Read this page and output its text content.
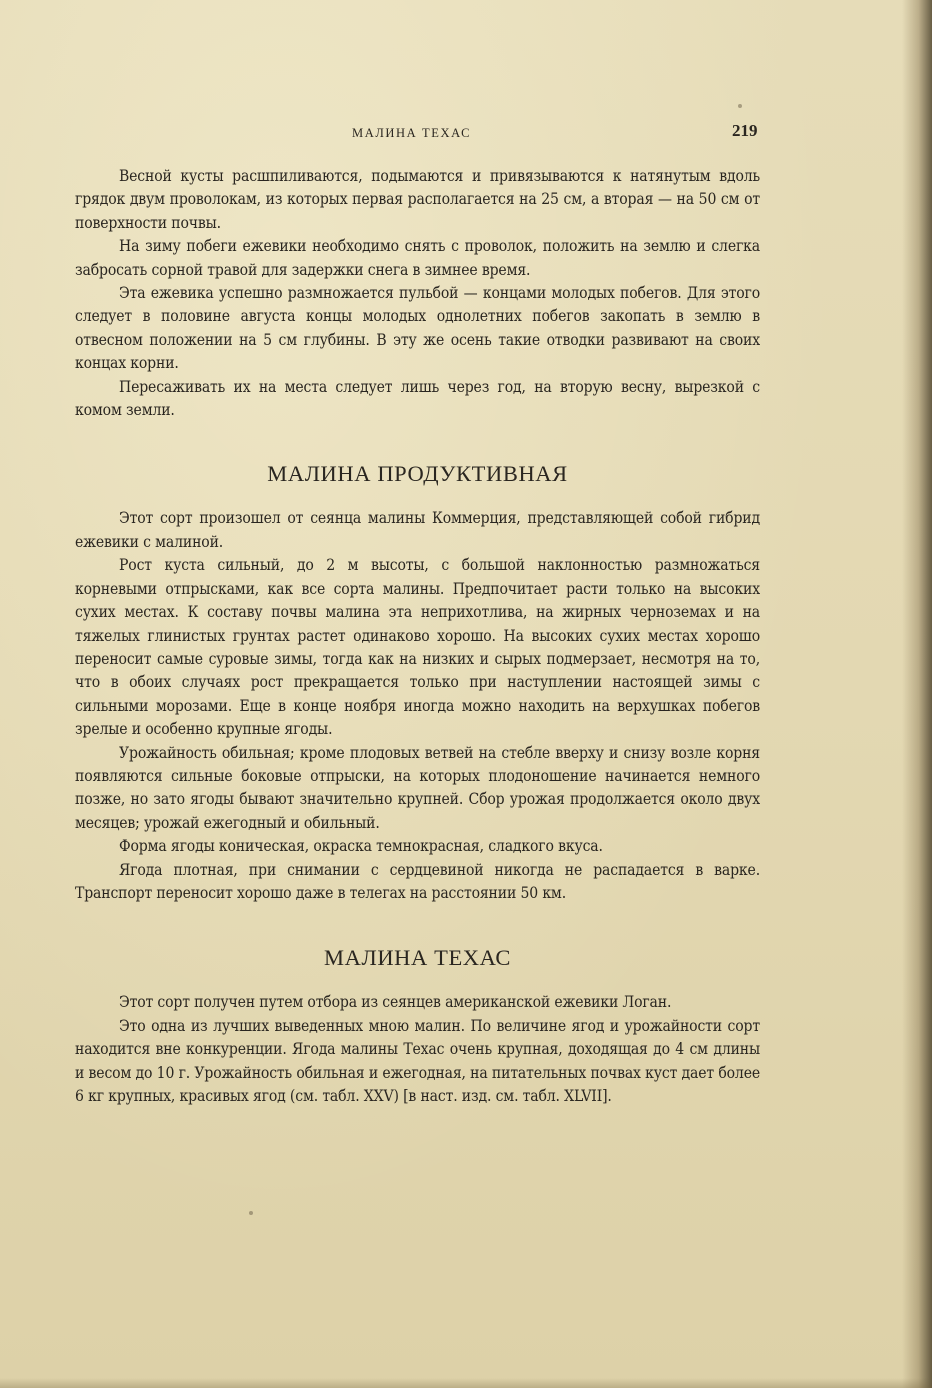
МАЛИНА ТЕХАС	219

Весной кусты расшпиливаются, подымаются и привязываются к натянутым вдоль грядок двум проволокам, из которых первая располагается на 25 см, а вторая — на 50 см от поверхности почвы.

На зиму побеги ежевики необходимо снять с проволок, положить на землю и слегка забросать сорной травой для задержки снега в зимнее время.

Эта ежевика успешно размножается пульбой — концами молодых побегов. Для этого следует в половине августа концы молодых однолетних побегов закопать в землю в отвесном положении на 5 см глубины. В эту же осень такие отводки развивают на своих концах корни.

Пересаживать их на места следует лишь через год, на вторую весну, вырезкой с комом земли.

МАЛИНА ПРОДУКТИВНАЯ

Этот сорт произошел от сеянца малины Коммерция, представляющей собой гибрид ежевики с малиной.

Рост куста сильный, до 2 м высоты, с большой наклонностью размножаться корневыми отпрысками, как все сорта малины. Предпочитает расти только на высоких сухих местах. К составу почвы малина эта неприхотлива, на жирных черноземах и на тяжелых глинистых грунтах растет одинаково хорошо. На высоких сухих местах хорошо переносит самые суровые зимы, тогда как на низких и сырых подмерзает, несмотря на то, что в обоих случаях рост прекращается только при наступлении настоящей зимы с сильными морозами. Еще в конце ноября иногда можно находить на верхушках побегов зрелые и особенно крупные ягоды.

Урожайность обильная; кроме плодовых ветвей на стебле вверху и снизу возле корня появляются сильные боковые отпрыски, на которых плодоношение начинается немного позже, но зато ягоды бывают значительно крупней. Сбор урожая продолжается около двух месяцев; урожай ежегодный и обильный.

Форма ягоды коническая, окраска темнокрасная, сладкого вкуса.

Ягода плотная, при снимании с сердцевиной никогда не распадается в варке. Транспорт переносит хорошо даже в телегах на расстоянии 50 км.

МАЛИНА ТЕХАС

Этот сорт получен путем отбора из сеянцев американской ежевики Логан.

Это одна из лучших выведенных мною малин. По величине ягод и урожайности сорт находится вне конкуренции. Ягода малины Техас очень крупная, доходящая до 4 см длины и весом до 10 г. Урожайность обильная и ежегодная, на питательных почвах куст дает более 6 кг крупных, красивых ягод (см. табл. XXV) [в наст. изд. см. табл. XLVII].
